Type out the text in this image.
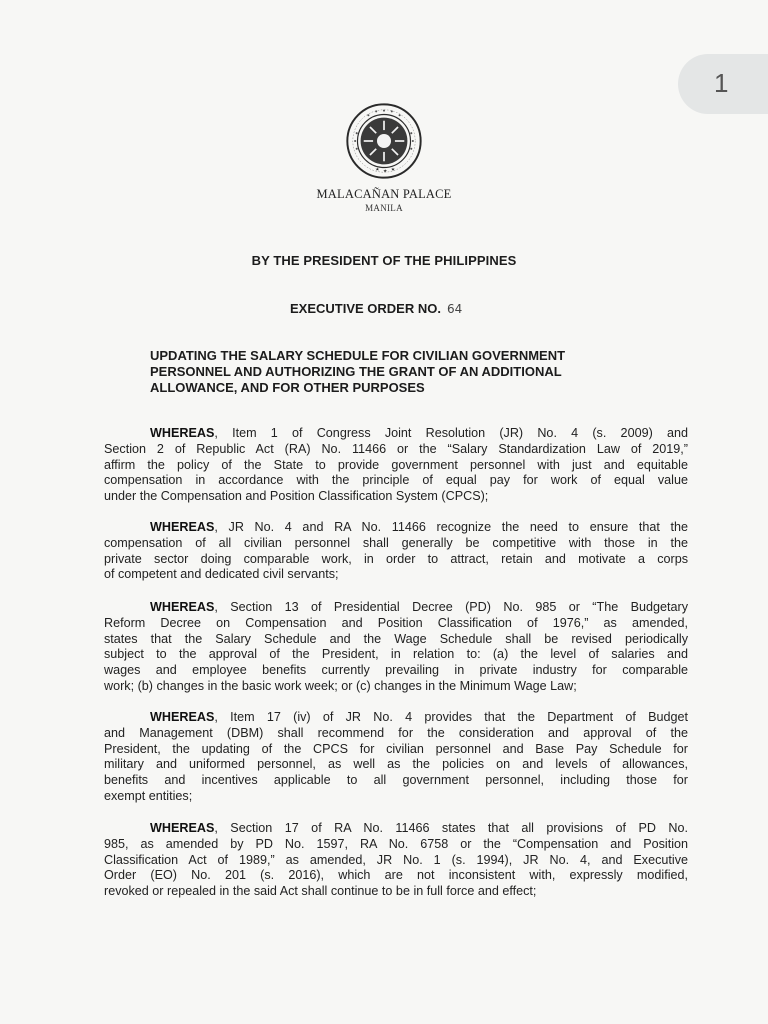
1
MALACAÑAN PALACE
MANILA
BY THE PRESIDENT OF THE PHILIPPINES
EXECUTIVE ORDER NO. 64
UPDATING THE SALARY SCHEDULE FOR CIVILIAN GOVERNMENT
PERSONNEL AND AUTHORIZING THE GRANT OF AN ADDITIONAL
ALLOWANCE, AND FOR OTHER PURPOSES
WHEREAS, Item 1 of Congress Joint Resolution (JR) No. 4 (s. 2009) and
Section 2 of Republic Act (RA) No. 11466 or the “Salary Standardization Law of 2019,”
affirm the policy of the State to provide government personnel with just and equitable
compensation in accordance with the principle of equal pay for work of equal value
under the Compensation and Position Classification System (CPCS);
WHEREAS, JR No. 4 and RA No. 11466 recognize the need to ensure that the
compensation of all civilian personnel shall generally be competitive with those in the
private sector doing comparable work, in order to attract, retain and motivate a corps
of competent and dedicated civil servants;
WHEREAS, Section 13 of Presidential Decree (PD) No. 985 or “The Budgetary
Reform Decree on Compensation and Position Classification of 1976,” as amended,
states that the Salary Schedule and the Wage Schedule shall be revised periodically
subject to the approval of the President, in relation to: (a) the level of salaries and
wages and employee benefits currently prevailing in private industry for comparable
work; (b) changes in the basic work week; or (c) changes in the Minimum Wage Law;
WHEREAS, Item 17 (iv) of JR No. 4 provides that the Department of Budget
and Management (DBM) shall recommend for the consideration and approval of the
President, the updating of the CPCS for civilian personnel and Base Pay Schedule for
military and uniformed personnel, as well as the policies on and levels of allowances,
benefits and incentives applicable to all government personnel, including those for
exempt entities;
WHEREAS, Section 17 of RA No. 11466 states that all provisions of PD No.
985, as amended by PD No. 1597, RA No. 6758 or the “Compensation and Position
Classification Act of 1989,” as amended, JR No. 1 (s. 1994), JR No. 4, and Executive
Order (EO) No. 201 (s. 2016), which are not inconsistent with, expressly modified,
revoked or repealed in the said Act shall continue to be in full force and effect;
